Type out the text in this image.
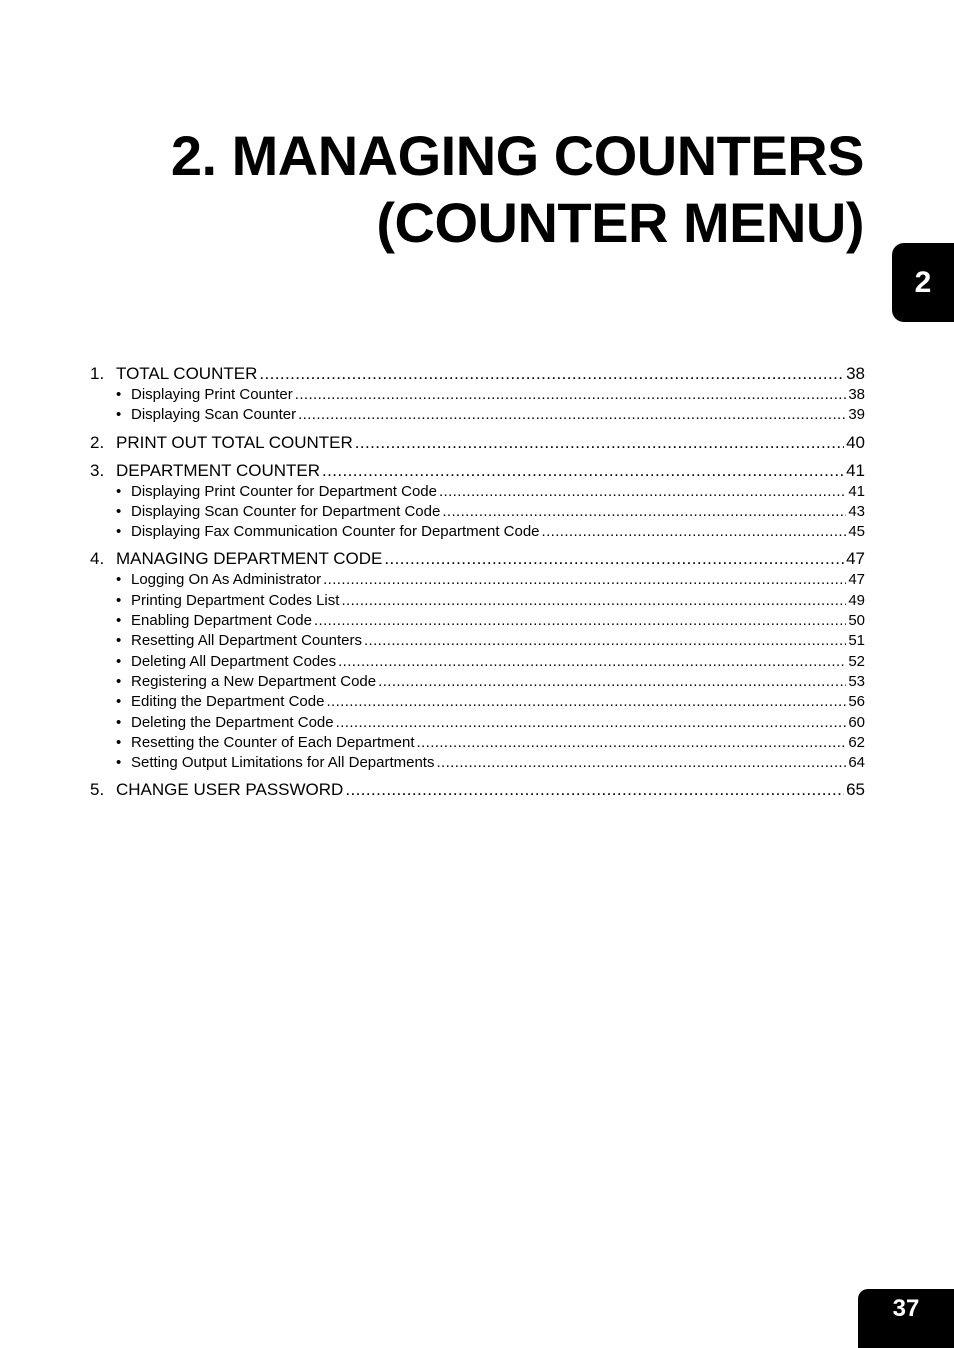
2. MANAGING COUNTERS
(COUNTER MENU)
2
1. TOTAL COUNTER .....	38
• Displaying Print Counter .....	38
• Displaying Scan Counter .....	39
2. PRINT OUT TOTAL COUNTER .....	40
3. DEPARTMENT COUNTER .....	41
• Displaying Print Counter for Department Code .....	41
• Displaying Scan Counter for Department Code .....	43
• Displaying Fax Communication Counter for Department Code .....	45
4. MANAGING DEPARTMENT CODE .....	47
• Logging On As Administrator .....	47
• Printing Department Codes List .....	49
• Enabling Department Code .....	50
• Resetting All Department Counters .....	51
• Deleting All Department Codes .....	52
• Registering a New Department Code .....	53
• Editing the Department Code .....	56
• Deleting the Department Code .....	60
• Resetting the Counter of Each Department .....	62
• Setting Output Limitations for All Departments .....	64
5. CHANGE USER PASSWORD .....	65
37
